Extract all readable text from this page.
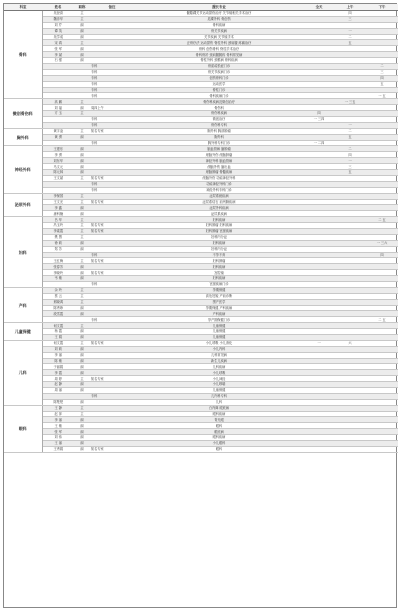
科室	姓名	职称	备注	擅长专业	全天	上午	下午
骨科	吴登高	主		髋膝踝关节运动损伤治疗 关节镜相关手术治疗		四	
	魏彦华	主		足踝外科 骨创伤		三	
	刘 芹	副		骨科疾病			
	谭 英	副		骨关节疾病		一	
	吴学成	副		关节疾病 关节镜手术		二	
	宋 鸿	主		正骨疗法 运动损伤 脊柱外科 颈肩腰 疼痛治疗		五	
	张 军	副		骨科 创伤骨科 脊柱手术治疗			
	李 斌	副		骨科骨折 颈肩腰腿疼 骨科常见病			
	石 强	副		脊柱外科 颈椎病 骨科疾病			
			专科	骨质疏松症门诊			二
			专科	骨关节疾病门诊			三
			专科	创伤骨科门诊			四
			专科	运动医学			五
			专科	脊柱门诊			
			专科	骨科疾病门诊			一 五
微创骨伤科	高 鹏	主		骨伤科疾病及微创治疗		一 三五	
	刘 福	副	周四上午	骨伤科			
	方 玉	主		骨伤科疾病	四		
			专科	微创治疗	一 三四		
			专科	骨伤科专科		一	
胸外科	黄宇逵	主	知名专家	胸外科 胸部肿瘤		二	
	黄 勇	副		胸外科		五	
			专科	胸外科专科门诊	一 二四		
神经外科	王建东	副		脑血管病 脑肿瘤		二	
	李 勇	副		颅脑外伤 颅脑肿瘤		四	
	刘东华	副		神经外科 脑血管病		一	
	马文元	副		颅脑外伤 脑出血		三	
	陈元林	副		颅脑肿瘤 脊髓疾病		五	
	王文斌	主	知名专家	颅脑外伤 功能神经外科			
			专科	功能神经外科门诊			
			专科	神经外科专科门诊			
泌尿外科	李保国	主		泌尿系统疾病			
	王文光	主	知名专家	泌尿系结石 前列腺疾病			
	李 鑫	副		泌尿外科疾病			
	唐科楠	副		泌尿系疾病			
妇科	吕 华	主		妇科疾病			二 五
	冯玉玲	主	知名专家	妇科肿瘤 妇科疾病			
	李素霞	主	知名专家	妇科肿瘤 宫颈疾病			
	樊 慧	主		妇科内分泌			
	徐 莉	副		妇科疾病			一 三六
	郑 芳	副		妇科内分泌			
			专科	不孕不育			四
	王红梅	主	知名专家	妇科肿瘤			
	张春芳	副		妇科疾病			
	李晓玲	副	知名专家	宫腔镜			
	韦 敏	副		妇科疾病			
			专科	宫颈疾病门诊			
产科	余 玲	主		孕期保健			
	蔡 云	主		高危妊娠 产前诊断			
	邢晓鸿	主		围产医学			
	陈秀珍	副		孕期保健 产科疾病			
	段雪霞	副		产科疾病			
			专科	孕产期保健门诊			二 五
儿童保健	何文霞	主		儿童保健			
	杨 霞	副		儿童保健			
	王 娟	副		儿童保健			
儿科	何文霞	主	知名专家	小儿呼吸 小儿消化	一	六	
	刘 莉	副		小儿内科			
	李 丽	副		儿科常见病			
	陈 敏	副		新生儿疾病			
	于丽娟	副		儿科疾病			
	李 霞	副		小儿呼吸			
	周 婷	主	知名专家	小儿神经			
	赵 静	副		小儿哮喘			
	周 丽	副		儿童保健			
			专科	儿内科专科			
	陈楚楚	副		儿科			
眼科	王 静	主		白内障 眼底病			
	赵 萍	主		眼科疾病			
	李 丽	副		青光眼			
	王 敏	副		眼科			
	张 军	副		眼底病			
	刘 伟	副		眼科疾病			
	王 丽	副		小儿眼科			
	王秀娟	副	知名专家	眼科			
